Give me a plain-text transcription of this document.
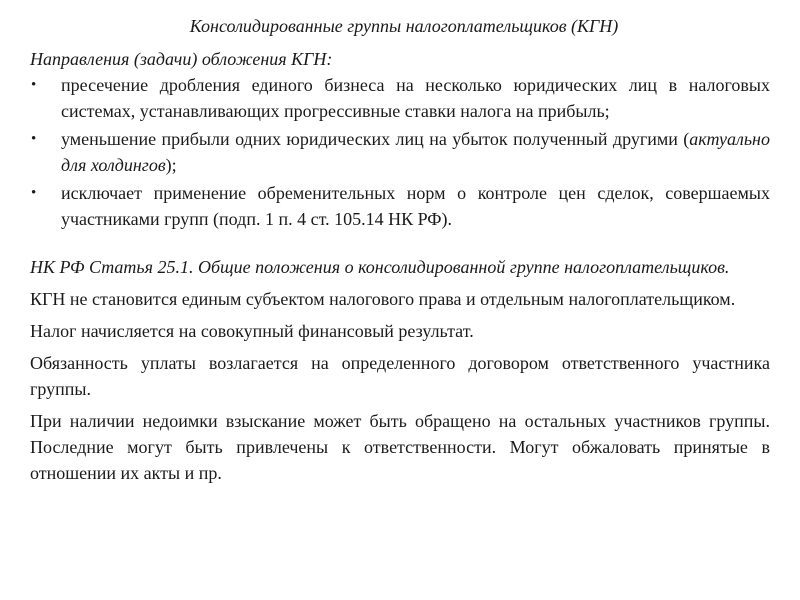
Консолидированные группы налогоплательщиков (КГН)
Направления (задачи) обложения КГН:
• пресечение дробления единого бизнеса на несколько юридических лиц в налоговых системах, устанавливающих прогрессивные ставки налога на прибыль;
• уменьшение прибыли одних юридических лиц на убыток полученный другими (актуально для холдингов);
• исключает применение обременительных норм о контроле цен сделок, совершаемых участниками групп (подп. 1 п. 4 ст. 105.14 НК РФ).
НК РФ Статья 25.1. Общие положения о консолидированной группе налогоплательщиков.
КГН не становится единым субъектом налогового права и отдельным налогоплательщиком.
Налог начисляется на совокупный финансовый результат.
Обязанность уплаты возлагается на определенного договором ответственного участника группы.
При наличии недоимки взыскание может быть обращено на остальных участников группы. Последние могут быть привлечены к ответственности. Могут обжаловать принятые в отношении их акты и пр.
